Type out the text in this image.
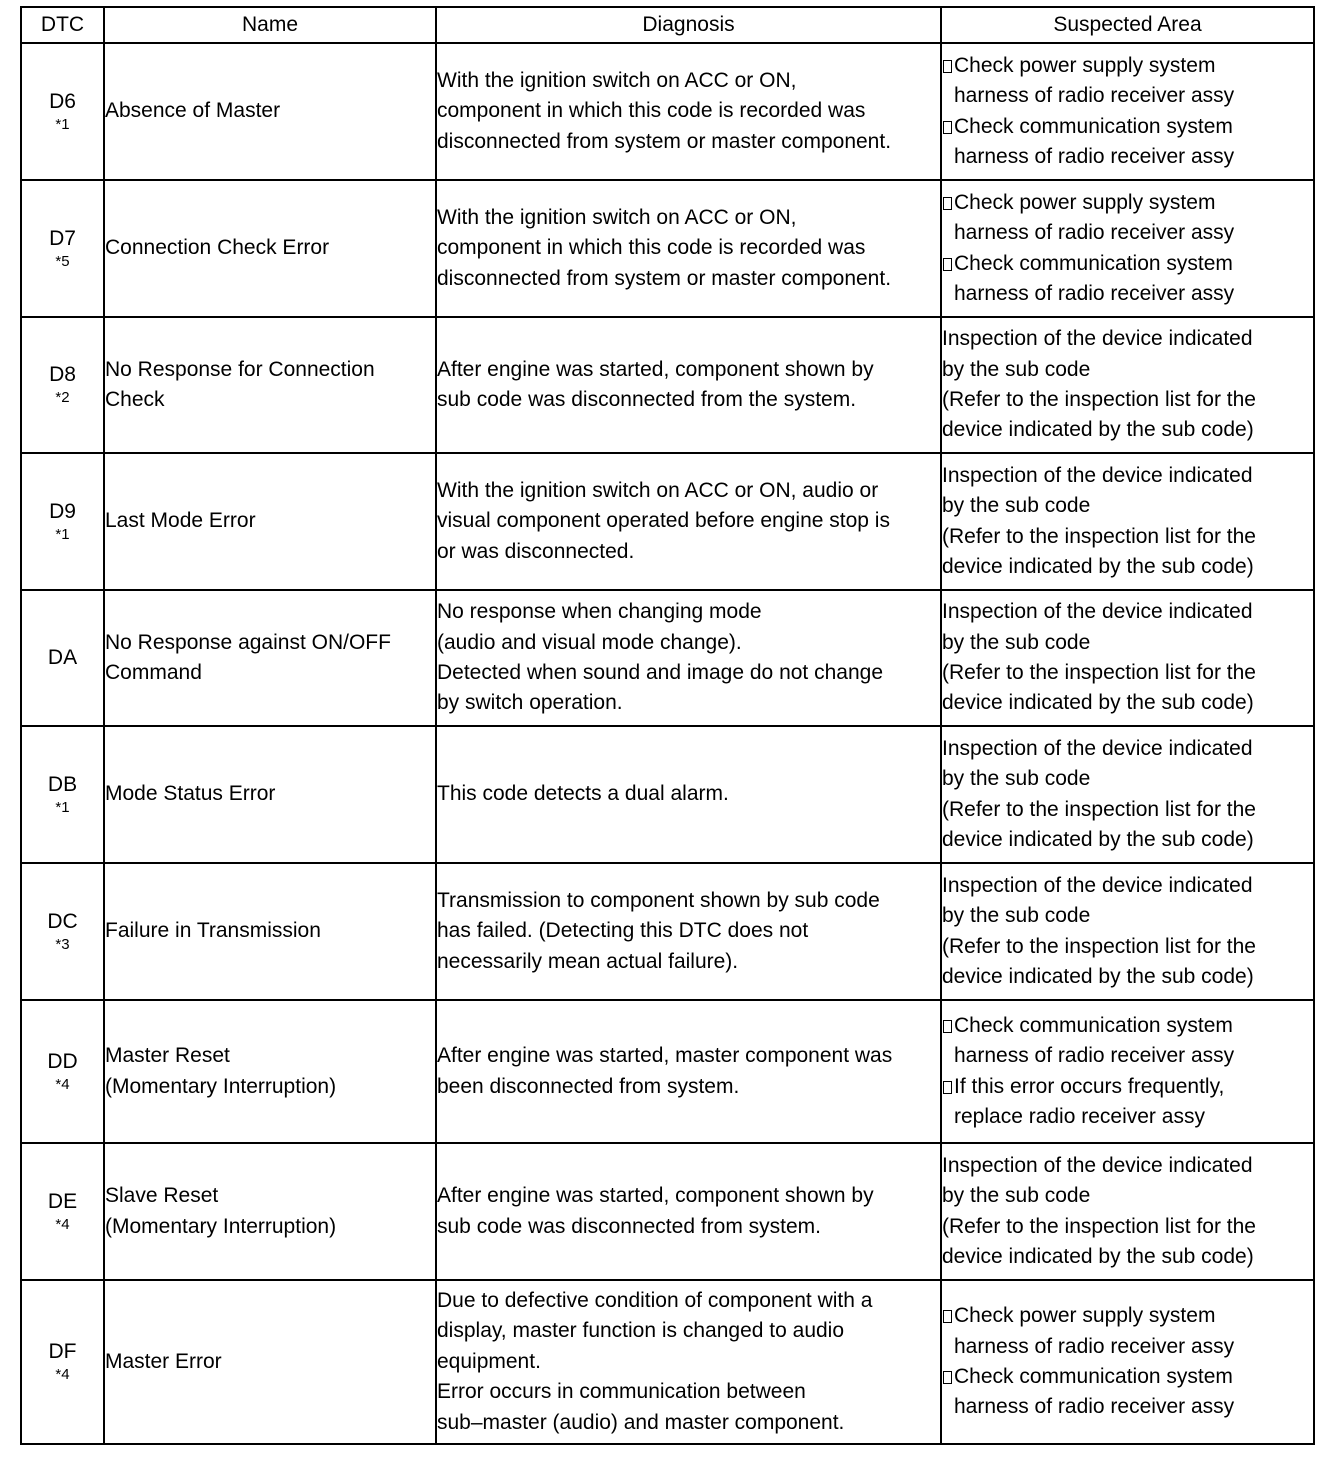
DTC	Name	Diagnosis	Suspected Area

D6
*1	Absence of Master	With the ignition switch on ACC or ON,
component in which this code is recorded was
disconnected from system or master component.	Check power supply system
harness of radio receiver assy
Check communication system
harness of radio receiver assy

D7
*5	Connection Check Error	With the ignition switch on ACC or ON,
component in which this code is recorded was
disconnected from system or master component.	Check power supply system
harness of radio receiver assy
Check communication system
harness of radio receiver assy

D8
*2	No Response for Connection
Check	After engine was started, component shown by
sub code was disconnected from the system.	Inspection of the device indicated
by the sub code
(Refer to the inspection list for the
device indicated by the sub code)

D9
*1	Last Mode Error	With the ignition switch on ACC or ON, audio or
visual component operated before engine stop is
or was disconnected.	Inspection of the device indicated
by the sub code
(Refer to the inspection list for the
device indicated by the sub code)

DA	No Response against ON/OFF
Command	No response when changing mode
(audio and visual mode change).
Detected when sound and image do not change
by switch operation.	Inspection of the device indicated
by the sub code
(Refer to the inspection list for the
device indicated by the sub code)

DB
*1	Mode Status Error	This code detects a dual alarm.	Inspection of the device indicated
by the sub code
(Refer to the inspection list for the
device indicated by the sub code)

DC
*3	Failure in Transmission	Transmission to component shown by sub code
has failed. (Detecting this DTC does not
necessarily mean actual failure).	Inspection of the device indicated
by the sub code
(Refer to the inspection list for the
device indicated by the sub code)

DD
*4	Master Reset
(Momentary Interruption)	After engine was started, master component was
been disconnected from system.	Check communication system
harness of radio receiver assy
If this error occurs frequently,
replace radio receiver assy

DE
*4	Slave Reset
(Momentary Interruption)	After engine was started, component shown by
sub code was disconnected from system.	Inspection of the device indicated
by the sub code
(Refer to the inspection list for the
device indicated by the sub code)

DF
*4	Master Error	Due to defective condition of component with a
display, master function is changed to audio
equipment.
Error occurs in communication between
sub–master (audio) and master component.	Check power supply system
harness of radio receiver assy
Check communication system
harness of radio receiver assy
